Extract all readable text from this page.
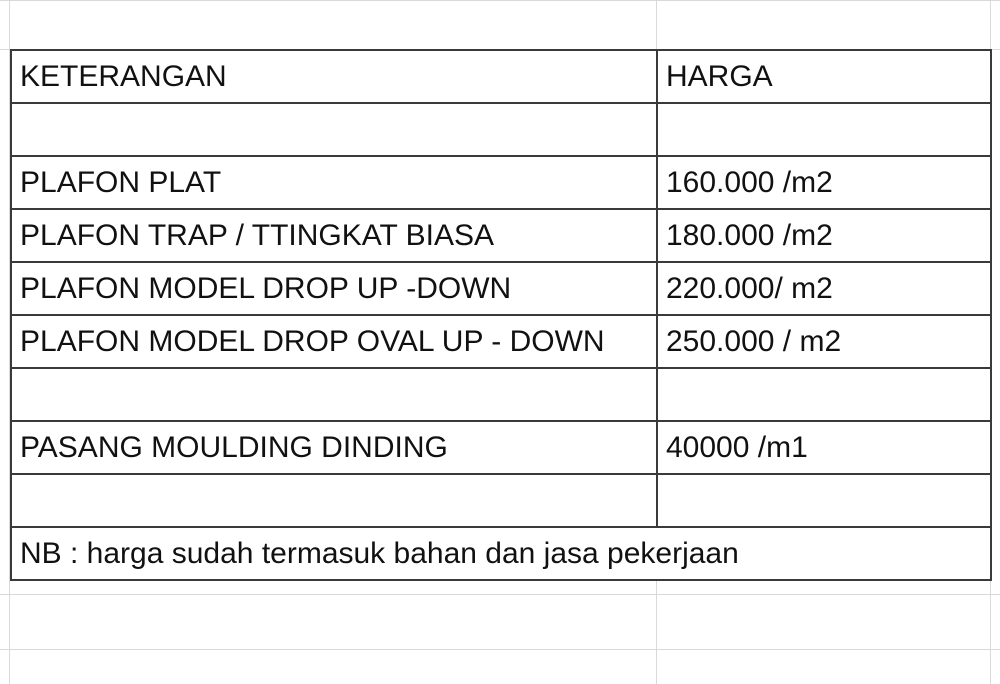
KETERANGAN	HARGA

PLAFON PLAT	160.000 /m2
PLAFON TRAP / TTINGKAT BIASA	180.000 /m2
PLAFON MODEL DROP UP -DOWN	220.000/ m2
PLAFON MODEL DROP OVAL UP - DOWN	250.000 / m2

PASANG MOULDING DINDING	40000 /m1

NB : harga sudah termasuk bahan dan jasa pekerjaan	
